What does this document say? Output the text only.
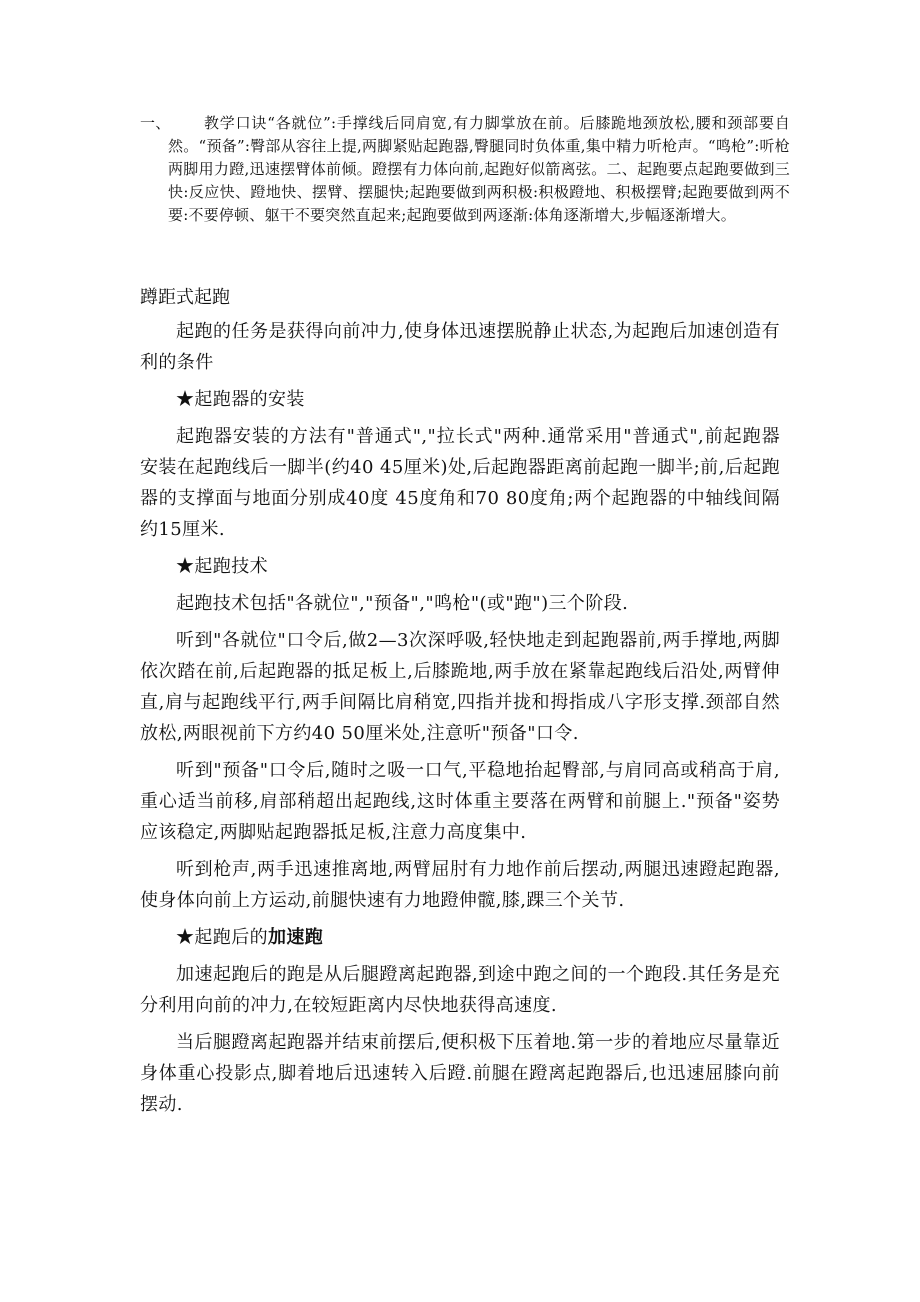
一、	教学口诀“各就位”:手撑线后同肩宽,有力脚掌放在前。后膝跪地颈放松,腰和颈部要自然。“预备”:臀部从容往上提,两脚紧贴起跑器,臀腿同时负体重,集中精力听枪声。“鸣枪”:听枪两脚用力蹬,迅速摆臂体前倾。蹬摆有力体向前,起跑好似箭离弦。二、起跑要点起跑要做到三快:反应快、蹬地快、摆臂、摆腿快;起跑要做到两积极:积极蹬地、积极摆臂;起跑要做到两不要:不要停顿、躯干不要突然直起来;起跑要做到两逐渐:体角逐渐增大,步幅逐渐增大。
蹲距式起跑

起跑的任务是获得向前冲力,使身体迅速摆脱静止状态,为起跑后加速创造有利的条件

★起跑器的安装

起跑器安装的方法有"普通式","拉长式"两种.通常采用"普通式",前起跑器安装在起跑线后一脚半(约40 45厘米)处,后起跑器距离前起跑一脚半;前,后起跑器的支撑面与地面分别成40度 45度角和70 80度角;两个起跑器的中轴线间隔约15厘米.

★起跑技术

起跑技术包括"各就位","预备","鸣枪"(或"跑")三个阶段.

听到"各就位"口令后,做2—3次深呼吸,轻快地走到起跑器前,两手撑地,两脚依次踏在前,后起跑器的抵足板上,后膝跪地,两手放在紧靠起跑线后沿处,两臂伸直,肩与起跑线平行,两手间隔比肩稍宽,四指并拢和拇指成八字形支撑.颈部自然放松,两眼视前下方约40 50厘米处,注意听"预备"口令.

听到"预备"口令后,随时之吸一口气,平稳地抬起臀部,与肩同高或稍高于肩,重心适当前移,肩部稍超出起跑线,这时体重主要落在两臂和前腿上."预备"姿势应该稳定,两脚贴起跑器抵足板,注意力高度集中.

听到枪声,两手迅速推离地,两臂屈肘有力地作前后摆动,两腿迅速蹬起跑器,使身体向前上方运动,前腿快速有力地蹬伸髋,膝,踝三个关节.

★起跑后的加速跑

加速起跑后的跑是从后腿蹬离起跑器,到途中跑之间的一个跑段.其任务是充分利用向前的冲力,在较短距离内尽快地获得高速度.

当后腿蹬离起跑器并结束前摆后,便积极下压着地.第一步的着地应尽量靠近身体重心投影点,脚着地后迅速转入后蹬.前腿在蹬离起跑器后,也迅速屈膝向前摆动.
